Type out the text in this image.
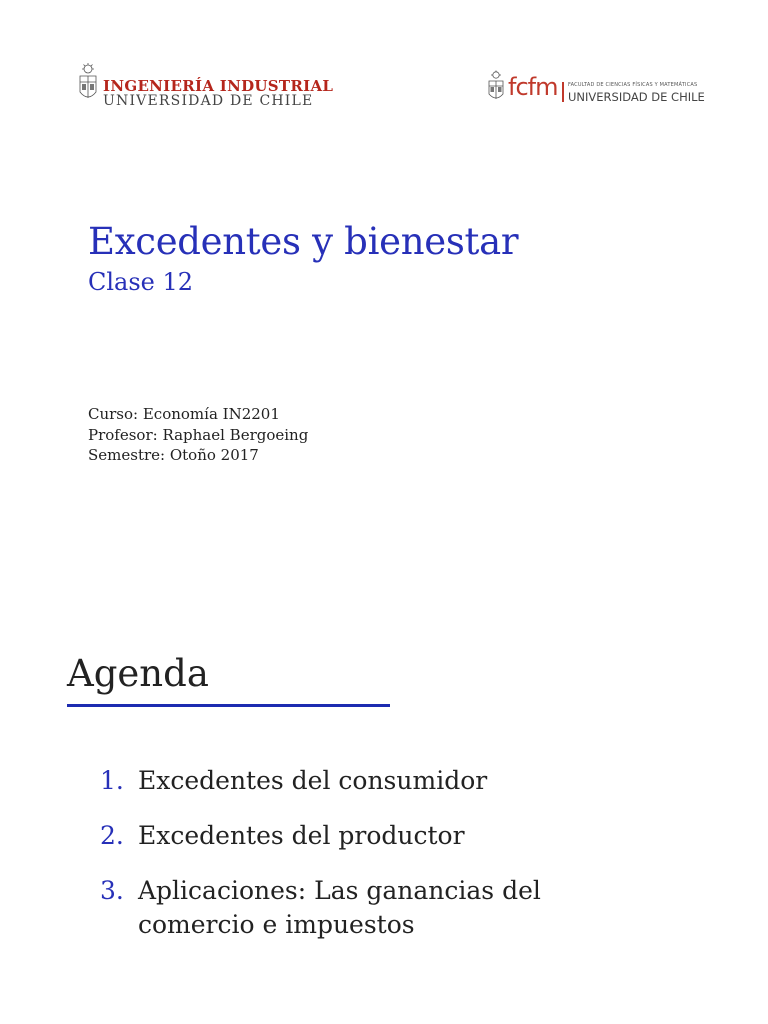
INGENIERÍA INDUSTRIAL
UNIVERSIDAD DE CHILE	fcfm FACULTAD DE CIENCIAS FÍSICAS Y MATEMÁTICAS
UNIVERSIDAD DE CHILE
Excedentes y bienestar
Clase 12
Curso: Economía IN2201
Profesor: Raphael Bergoeing
Semestre: Otoño 2017
Agenda
1. Excedentes del consumidor
2. Excedentes del productor
3. Aplicaciones: Las ganancias del
comercio e impuestos
